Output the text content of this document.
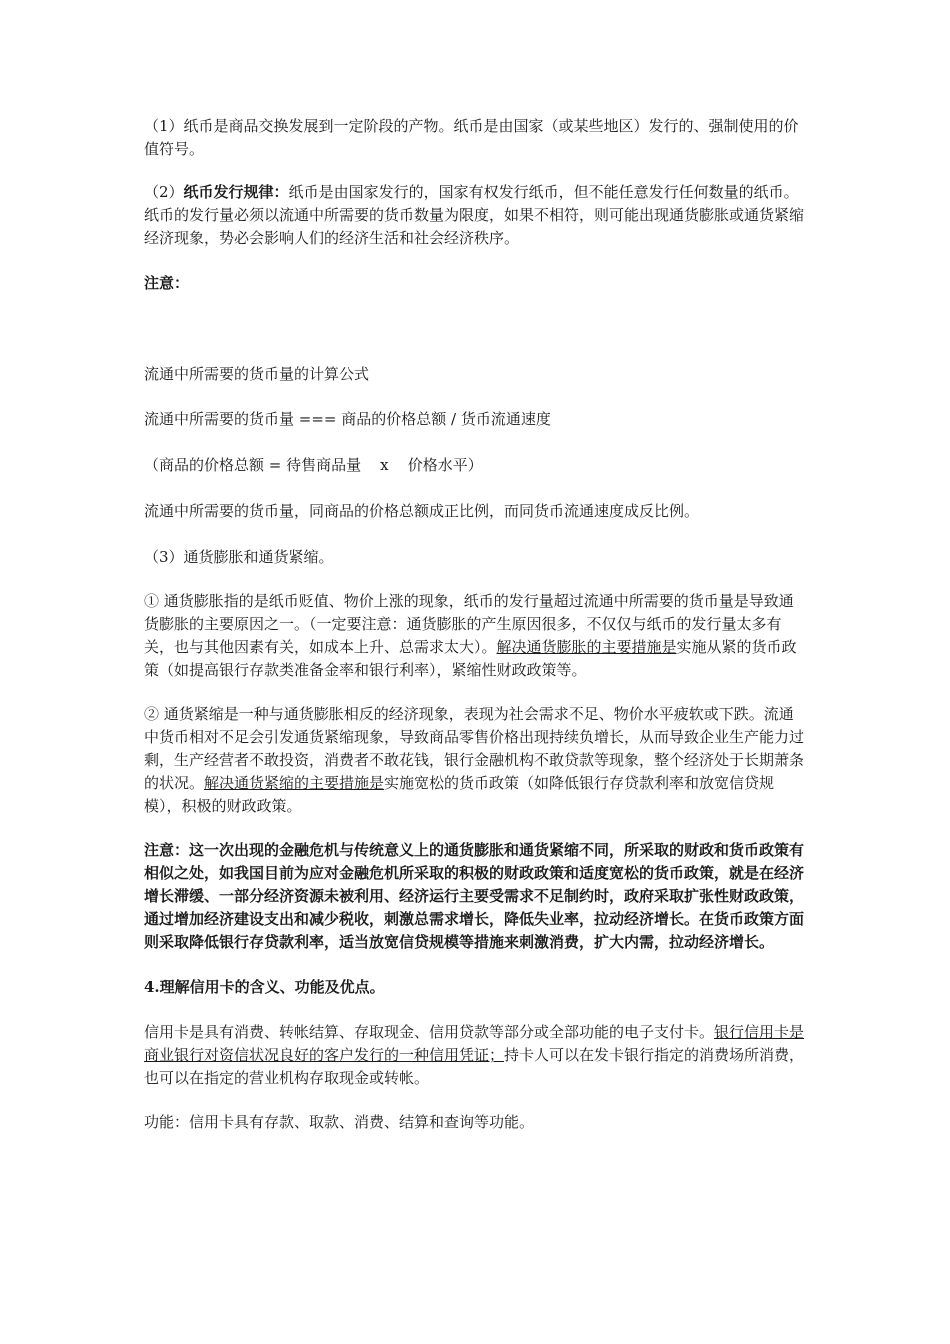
（1）纸币是商品交换发展到一定阶段的产物。纸币是由国家（或某些地区）发行的、强制使用的价值符号。

（2）纸币发行规律：纸币是由国家发行的，国家有权发行纸币，但不能任意发行任何数量的纸币。纸币的发行量必须以流通中所需要的货币数量为限度，如果不相符，则可能出现通货膨胀或通货紧缩经济现象，势必会影响人们的经济生活和社会经济秩序。

注意：

流通中所需要的货币量的计算公式

流通中所需要的货币量 === 商品的价格总额 / 货币流通速度

（商品的价格总额 = 待售商品量    x    价格水平）

流通中所需要的货币量，同商品的价格总额成正比例，而同货币流通速度成反比例。

（3）通货膨胀和通货紧缩。

① 通货膨胀指的是纸币贬值、物价上涨的现象，纸币的发行量超过流通中所需要的货币量是导致通货膨胀的主要原因之一。（一定要注意：通货膨胀的产生原因很多，不仅仅与纸币的发行量太多有关，也与其他因素有关，如成本上升、总需求太大）。解决通货膨胀的主要措施是实施从紧的货币政策（如提高银行存款类准备金率和银行利率），紧缩性财政政策等。

② 通货紧缩是一种与通货膨胀相反的经济现象，表现为社会需求不足、物价水平疲软或下跌。流通中货币相对不足会引发通货紧缩现象，导致商品零售价格出现持续负增长，从而导致企业生产能力过剩，生产经营者不敢投资，消费者不敢花钱，银行金融机构不敢贷款等现象，整个经济处于长期萧条的状况。解决通货紧缩的主要措施是实施宽松的货币政策（如降低银行存贷款利率和放宽信贷规模），积极的财政政策。

注意：这一次出现的金融危机与传统意义上的通货膨胀和通货紧缩不同，所采取的财政和货币政策有相似之处，如我国目前为应对金融危机所采取的积极的财政政策和适度宽松的货币政策，就是在经济增长滞缓、一部分经济资源未被利用、经济运行主要受需求不足制约时，政府采取扩张性财政政策，通过增加经济建设支出和减少税收，刺激总需求增长，降低失业率，拉动经济增长。在货币政策方面则采取降低银行存贷款利率，适当放宽信贷规模等措施来刺激消费，扩大内需，拉动经济增长。

4.理解信用卡的含义、功能及优点。

信用卡是具有消费、转帐结算、存取现金、信用贷款等部分或全部功能的电子支付卡。银行信用卡是商业银行对资信状况良好的客户发行的一种信用凭证；持卡人可以在发卡银行指定的消费场所消费，也可以在指定的营业机构存取现金或转帐。

功能：信用卡具有存款、取款、消费、结算和查询等功能。
